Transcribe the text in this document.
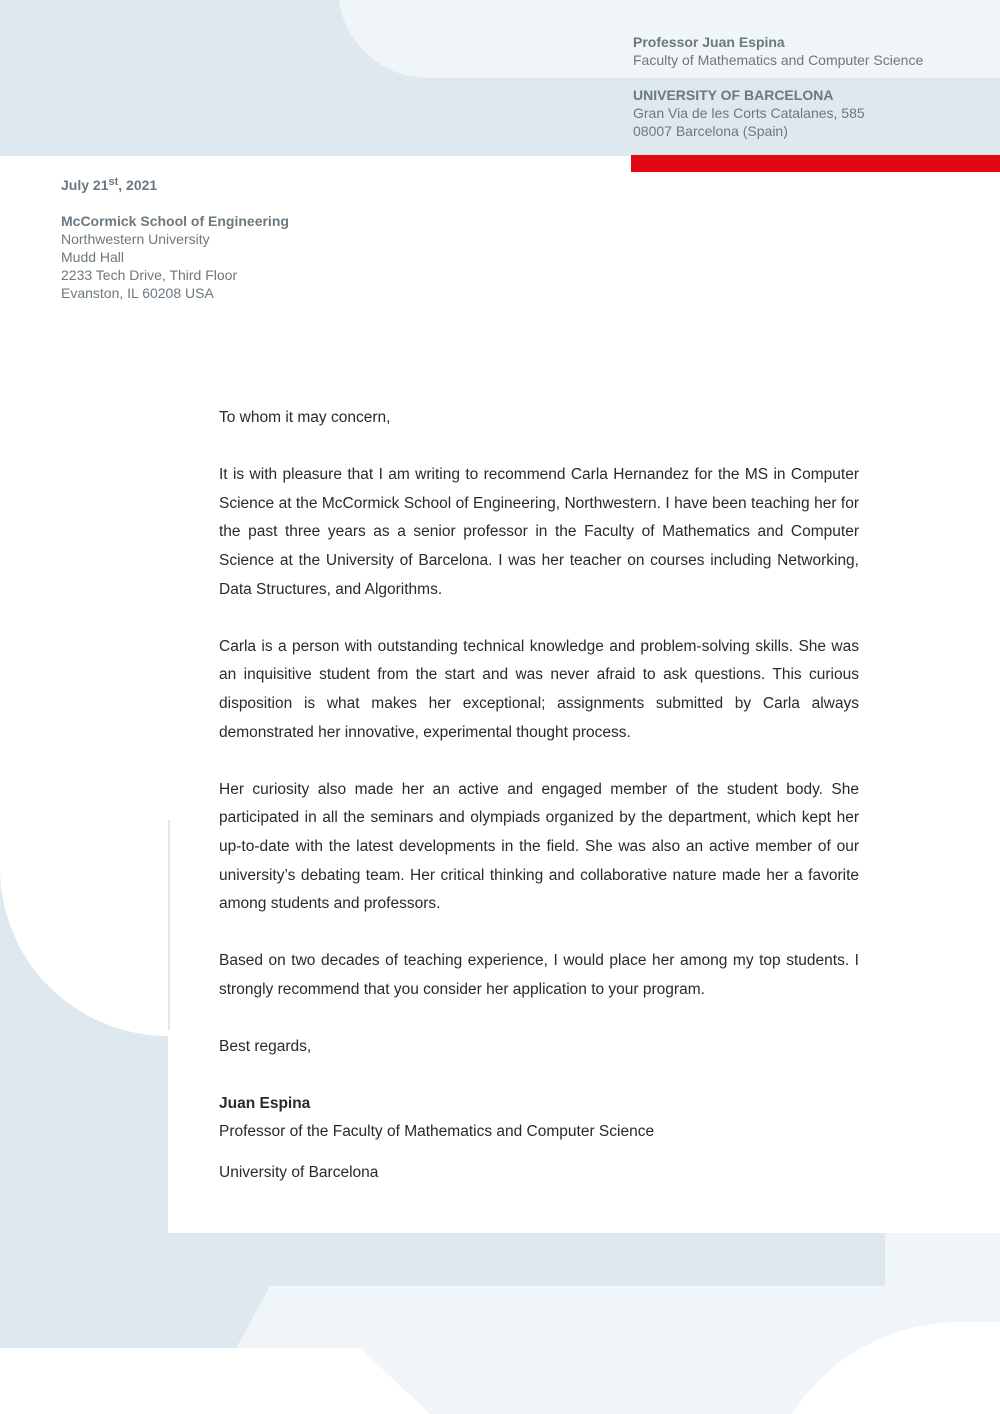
Professor Juan Espina
Faculty of Mathematics and Computer Science
UNIVERSITY OF BARCELONA
Gran Via de les Corts Catalanes, 585
08007 Barcelona (Spain)
July 21st, 2021
McCormick School of Engineering
Northwestern University
Mudd Hall
2233 Tech Drive, Third Floor
Evanston, IL 60208 USA

To whom it may concern,

It is with pleasure that I am writing to recommend Carla Hernandez for the MS in Computer Science at the McCormick School of Engineering, Northwestern. I have been teaching her for the past three years as a senior professor in the Faculty of Mathematics and Computer Science at the University of Barcelona. I was her teacher on courses including Networking, Data Structures, and Algorithms.

Carla is a person with outstanding technical knowledge and problem-solving skills. She was an inquisitive student from the start and was never afraid to ask questions. This curious disposition is what makes her exceptional; assignments submitted by Carla always demonstrated her innovative, experimental thought process.

Her curiosity also made her an active and engaged member of the student body. She participated in all the seminars and olympiads organized by the department, which kept her up-to-date with the latest developments in the field. She was also an active member of our university’s debating team. Her critical thinking and collaborative nature made her a favorite among students and professors.

Based on two decades of teaching experience, I would place her among my top students. I strongly recommend that you consider her application to your program.

Best regards,

Juan Espina

Professor of the Faculty of Mathematics and Computer Science

University of Barcelona
